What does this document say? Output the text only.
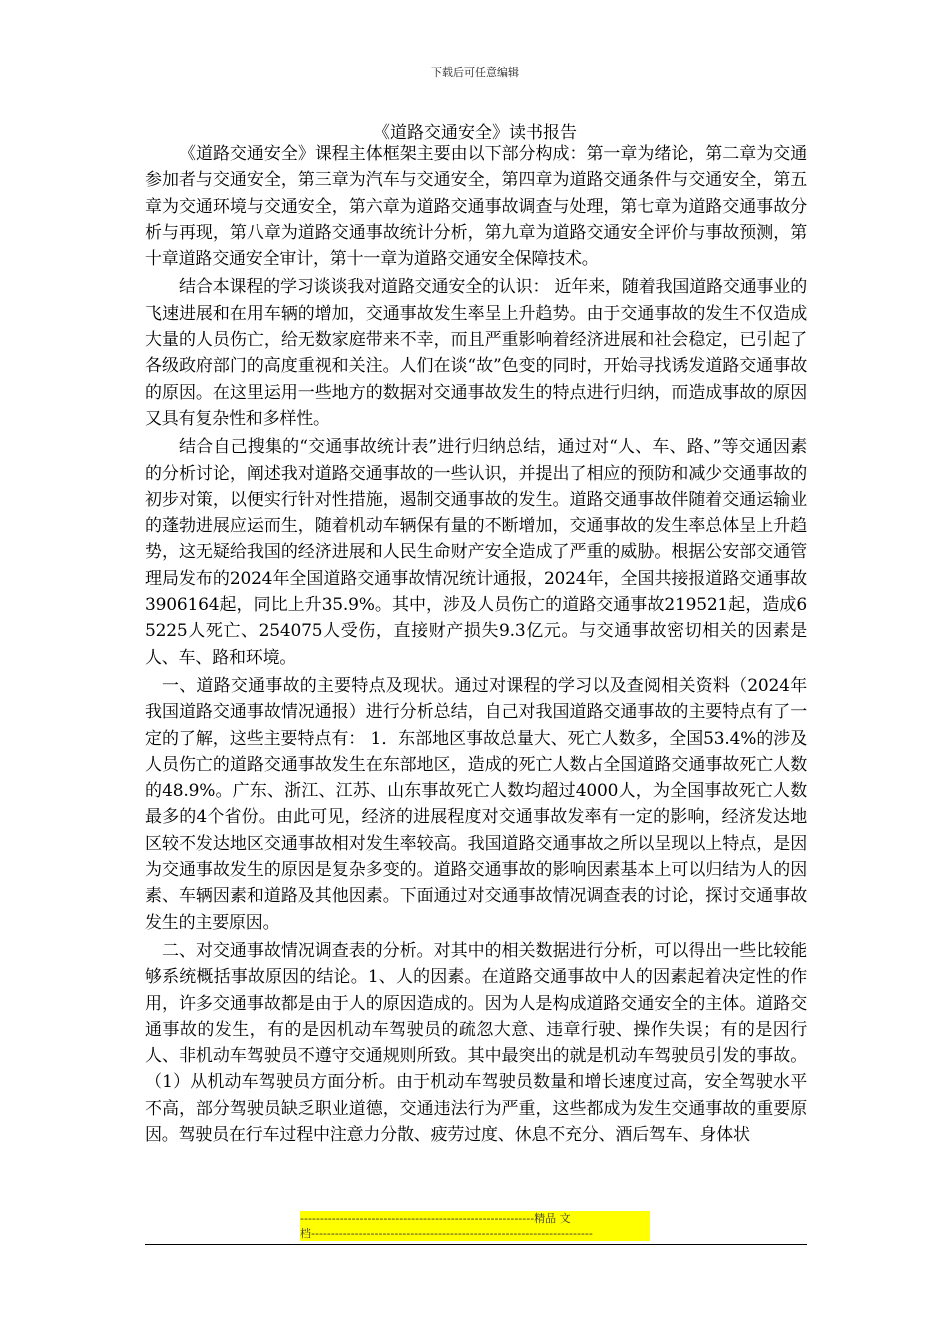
下载后可任意编辑
《道路交通安全》读书报告

《道路交通安全》课程主体框架主要由以下部分构成：第一章为绪论，第二章为交通参加者与交通安全，第三章为汽车与交通安全，第四章为道路交通条件与交通安全，第五章为交通环境与交通安全，第六章为道路交通事故调查与处理，第七章为道路交通事故分析与再现，第八章为道路交通事故统计分析，第九章为道路交通安全评价与事故预测，第十章道路交通安全审计，第十一章为道路交通安全保障技术。

结合本课程的学习谈谈我对道路交通安全的认识： 近年来，随着我国道路交通事业的飞速进展和在用车辆的增加，交通事故发生率呈上升趋势。由于交通事故的发生不仅造成大量的人员伤亡，给无数家庭带来不幸，而且严重影响着经济进展和社会稳定，已引起了各级政府部门的高度重视和关注。人们在谈“故”色变的同时，开始寻找诱发道路交通事故的原因。在这里运用一些地方的数据对交通事故发生的特点进行归纳，而造成事故的原因又具有复杂性和多样性。

结合自己搜集的“交通事故统计表”进行归纳总结，通过对“人、车、路、”等交通因素的分析讨论，阐述我对道路交通事故的一些认识，并提出了相应的预防和减少交通事故的初步对策，以便实行针对性措施，遏制交通事故的发生。道路交通事故伴随着交通运输业的蓬勃进展应运而生，随着机动车辆保有量的不断增加，交通事故的发生率总体呈上升趋势，这无疑给我国的经济进展和人民生命财产安全造成了严重的威胁。根据公安部交通管理局发布的2024年全国道路交通事故情况统计通报，2024年，全国共接报道路交通事故3906164起，同比上升35.9%。其中，涉及人员伤亡的道路交通事故219521起，造成65225人死亡、254075人受伤，直接财产损失9.3亿元。与交通事故密切相关的因素是人、车、路和环境。

一、道路交通事故的主要特点及现状。通过对课程的学习以及查阅相关资料（2024年我国道路交通事故情况通报）进行分析总结，自己对我国道路交通事故的主要特点有了一定的了解，这些主要特点有： 1．东部地区事故总量大、死亡人数多，全国53.4%的涉及人员伤亡的道路交通事故发生在东部地区，造成的死亡人数占全国道路交通事故死亡人数的48.9%。广东、浙江、江苏、山东事故死亡人数均超过4000人，为全国事故死亡人数最多的4个省份。由此可见，经济的进展程度对交通事故发率有一定的影响，经济发达地区较不发达地区交通事故相对发生率较高。我国道路交通事故之所以呈现以上特点，是因为交通事故发生的原因是复杂多变的。道路交通事故的影响因素基本上可以归结为人的因素、车辆因素和道路及其他因素。下面通过对交通事故情况调查表的讨论，探讨交通事故发生的主要原因。

二、对交通事故情况调查表的分析。对其中的相关数据进行分析，可以得出一些比较能够系统概括事故原因的结论。1、人的因素。在道路交通事故中人的因素起着决定性的作用，许多交通事故都是由于人的原因造成的。因为人是构成道路交通安全的主体。道路交通事故的发生，有的是因机动车驾驶员的疏忽大意、违章行驶、操作失误；有的是因行人、非机动车驾驶员不遵守交通规则所致。其中最突出的就是机动车驾驶员引发的事故。（1）从机动车驾驶员方面分析。由于机动车驾驶员数量和增长速度过高，安全驾驶水平不高，部分驾驶员缺乏职业道德，交通违法行为严重，这些都成为发生交通事故的重要原因。驾驶员在行车过程中注意力分散、疲劳过度、休息不充分、酒后驾车、身体状

-----------------------------------------------------------精品 文
档-----------------------------------------------------------------------
